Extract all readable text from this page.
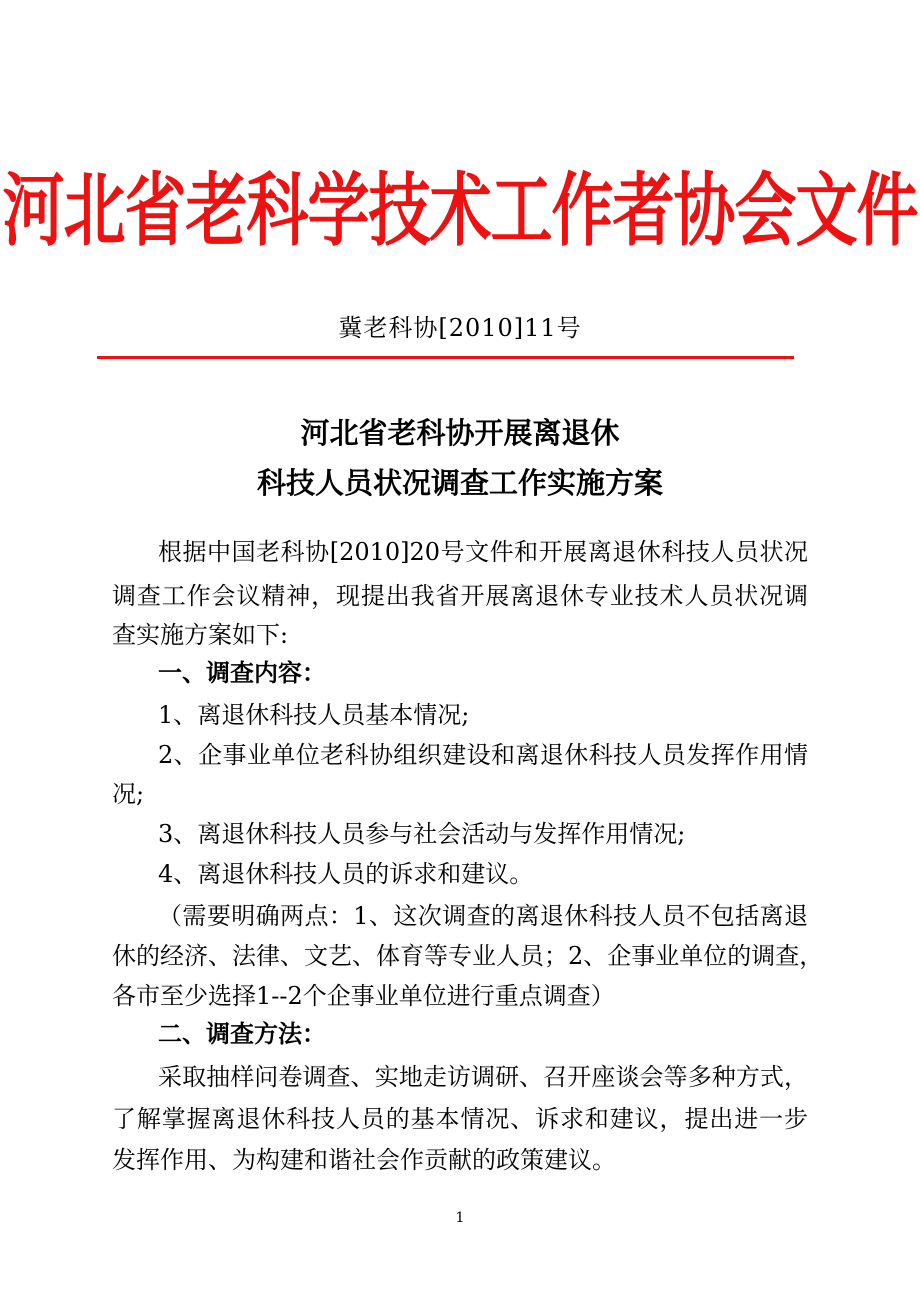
河北省老科学技术工作者协会文件
冀老科协[2010]11号
河北省老科协开展离退休
科技人员状况调查工作实施方案
根据中国老科协[2010]20号文件和开展离退休科技人员状况
调查工作会议精神，现提出我省开展离退休专业技术人员状况调
查实施方案如下:
一、调查内容：
1、离退休科技人员基本情况;
2、企事业单位老科协组织建设和离退休科技人员发挥作用情
况;
3、离退休科技人员参与社会活动与发挥作用情况;
4、离退休科技人员的诉求和建议。
（需要明确两点：1、这次调查的离退休科技人员不包括离退
休的经济、法律、文艺、体育等专业人员；2、企事业单位的调查，
各市至少选择1--2个企事业单位进行重点调查）
二、调查方法：
采取抽样问卷调查、实地走访调研、召开座谈会等多种方式，
了解掌握离退休科技人员的基本情况、诉求和建议，提出进一步
发挥作用、为构建和谐社会作贡献的政策建议。
1
